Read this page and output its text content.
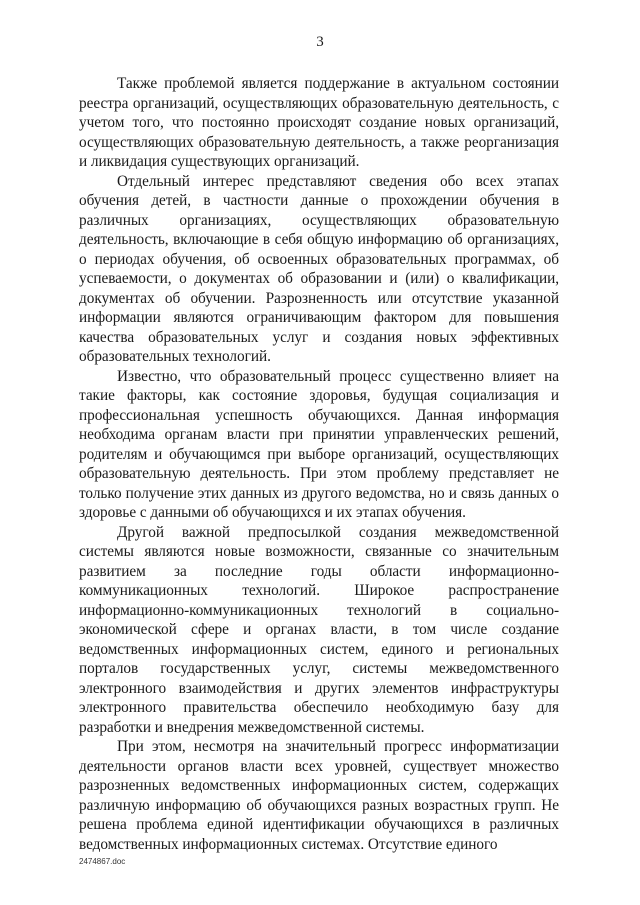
3

Также проблемой является поддержание в актуальном состоянии реестра организаций, осуществляющих образовательную деятельность, с учетом того, что постоянно происходят создание новых организаций, осуществляющих образовательную деятельность, а также реорганизация и ликвидация существующих организаций.

Отдельный интерес представляют сведения обо всех этапах обучения детей, в частности данные о прохождении обучения в различных организациях, осуществляющих образовательную деятельность, включающие в себя общую информацию об организациях, о периодах обучения, об освоенных образовательных программах, об успеваемости, о документах об образовании и (или) о квалификации, документах об обучении. Разрозненность или отсутствие указанной информации являются ограничивающим фактором для повышения качества образовательных услуг и создания новых эффективных образовательных технологий.

Известно, что образовательный процесс существенно влияет на такие факторы, как состояние здоровья, будущая социализация и профессиональная успешность обучающихся. Данная информация необходима органам власти при принятии управленческих решений, родителям и обучающимся при выборе организаций, осуществляющих образовательную деятельность. При этом проблему представляет не только получение этих данных из другого ведомства, но и связь данных о здоровье с данными об обучающихся и их этапах обучения.

Другой важной предпосылкой создания межведомственной системы являются новые возможности, связанные со значительным развитием за последние годы области информационно-коммуникационных технологий. Широкое распространение информационно-коммуникационных технологий в социально-экономической сфере и органах власти, в том числе создание ведомственных информационных систем, единого и региональных порталов государственных услуг, системы межведомственного электронного взаимодействия и других элементов инфраструктуры электронного правительства обеспечило необходимую базу для разработки и внедрения межведомственной системы.

При этом, несмотря на значительный прогресс информатизации деятельности органов власти всех уровней, существует множество разрозненных ведомственных информационных систем, содержащих различную информацию об обучающихся разных возрастных групп. Не решена проблема единой идентификации обучающихся в различных ведомственных информационных системах. Отсутствие единого

2474867.doc
